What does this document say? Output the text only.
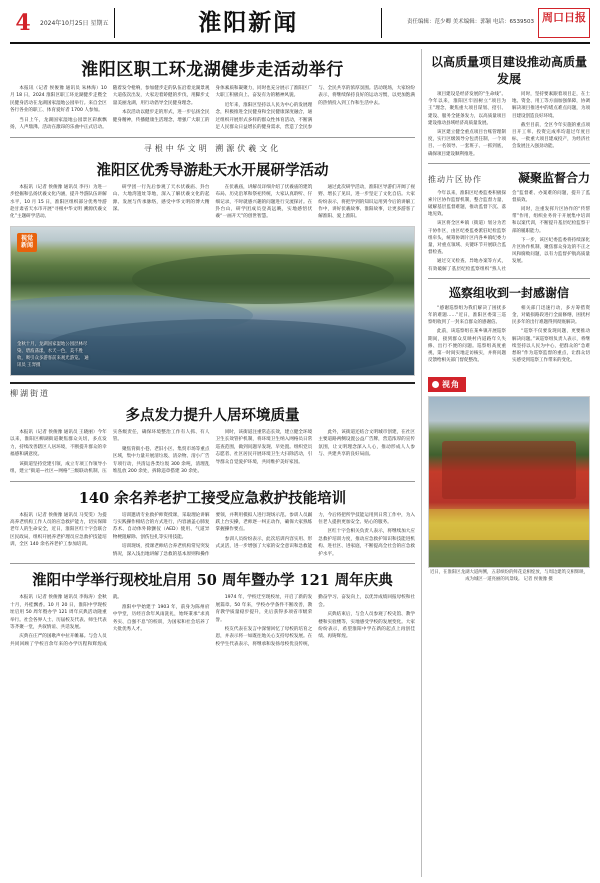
4	2024年10月25日 星期五	淮阳新闻	责任编辑：范少卿 美术编辑：郭颖 电话：6539503 周口日报
淮阳区职工环龙湖健步走活动举行

本报讯（记者 侯俊豫 通讯员 朱林海）10 月 18 日，2024 淮阳区职工环龙湖健步走暨全民健身活动在龙湖国家湿地公园举行。来自全区各行各业的职工、体育爱好者 1700 人参加。

当日上午，龙湖国家湿地公园景区彩旗飘扬，人声鼎沸。活动在激昂的乐曲中正式启动。随着发令枪响，参加健步走的队伍沿着龙湖景观大道依次出发，大家迈着矫健的步伐，用脚步丈量美丽龙湖，用行动倡导全民健身理念。

本次活动以健步走的形式，进一步弘扬全民健身精神，传播健康生活理念，增强广大职工的身体素质和凝聚力，同时也充分展示了淮阳区广大职工积极向上、奋发有为的精神风貌。

近年来，淮阳区坚持以人民为中心的发展理念，积极推进全民健身和全民健康深度融合，通过组织开展形式多样的群众性体育活动，不断满足人民群众日益增长的健身需求，营造了全民参与、全民共享的浓厚氛围。活动现场，大家纷纷表示，将继续保持良好的运动习惯，以更加饱满的热情投入到工作和生活中去。

寻根中华文明 溯源伏羲文化
淮阳区优秀导游赴天水开展研学活动

本报讯（记者 侯俊豫 通讯员 李丹）为进一步挖掘和弘扬伏羲文化内涵，提升导游队伍讲解水平，10 月 15 日，淮阳区组织部分优秀导游赴甘肃省天水市开展“寻根中华文明 溯源伏羲文化”主题研学活动。

研学团一行先后参观了天水伏羲庙、卦台山、大地湾遗址等地，深入了解伏羲文化的起源、发展与传承脉络，感受中华文明的博大精深。

在伏羲庙，讲解员详细介绍了伏羲庙的建筑布局、历史沿革和祭祀传统，大家认真聆听、仔细记录，不时就感兴趣的问题进行交流探讨。在卦台山，研学团成员登高远眺，实地感悟伏羲“一画开天”的创世智慧。

通过此次研学活动，淮阳区导游们开阔了视野、增长了见识，进一步坚定了文化自信。大家纷纷表示，将把学到的知识运用到今后的讲解工作中，讲好伏羲故事、淮阳故事，让更多游客了解淮阳、爱上淮阳。

视觉
新闻
金秋十月，龙湖国家湿地公园层林尽染、碧波荡漾，水天一色，美不胜收，吸引众多游客前来观光游览。 通讯员 王羿摄
柳湖街道
多点发力提升人居环境质量

本报讯（记者 侯俊豫 通讯员 王晓丽）今年以来，淮阳区柳湖街道聚焦群众关切，多点发力，持续改善辖区人居环境，不断提升群众的幸福感和满意度。

该街道坚持党建引领，成立专项工作领导小组，建立“街道—社区—网格”三级联动机制，压实各级责任，确保环境整治工作有人抓、有人管。

聚焦背街小巷、老旧小区、集贸市场等重点区域，集中力量开展清垃圾、清杂物、清小广告专项行动，共清运各类垃圾 300 余吨，清理乱堆乱放 200 余处，拆除违章搭建 30 余处。

同时，该街道注重常态长效，建立健全环境卫生长效管护机制，将环境卫生纳入网格员日常巡查范围，做到问题早发现、早处置。组织党员志愿者、社区居民开展环境卫生大扫除活动，引导群众自觉爱护环境，共同维护美好家园。

此外，该街道还结合文明城市创建，在社区主要道路两侧设置公益广告牌，营造浓厚的宣传氛围，让文明理念深入人心，推动形成人人参与、共建共享的良好局面。

140 余名养老护工接受应急救护技能培训

本报讯（记者 侯俊豫 通讯员 马雯雯）为提高养老机构工作人员的应急救护能力，切实保障老年人的生命安全，近日，淮阳区红十字会联合区民政局，组织开展养老护理员应急救护技能培训，全区 140 余名养老护工参加培训。

培训邀请专业救护师资授课，采取理论讲解与实践操作相结合的方式进行，内容涵盖心肺复苏术、自动体外除颤仪（AED）使用、气道异物梗阻解除、创伤包扎等实用技能。

培训现场，授课老师结合养老机构常见突发情况，深入浅出地讲解了急救的基本原则和操作要领，并利用模拟人进行现场示范。参训人员踊跃上台实操，老师逐一纠正动作，确保大家熟练掌握操作要点。

参训人员纷纷表示，此次培训内容实用、形式灵活，进一步增强了大家的安全意识和急救能力，今后将把所学技能运用到日常工作中，为入住老人提供更加安全、贴心的服务。

区红十字会相关负责人表示，将继续加大应急救护培训力度，推动应急救护知识和技能进机构、进社区、进家庭，不断提高全社会的应急救护水平。

淮阳中学举行现校址启用 50 周年暨办学 121 周年庆典

本报讯（记者 侯俊豫 通讯员 李海涛）金秋十月，丹桂飘香。10 月 20 日，淮阳中学现校址启用 50 周年暨办学 121 周年庆典活动隆重举行。社会各界人士、历届校友代表、师生代表等齐聚一堂，共叙情谊、共话发展。

庆典在庄严的国歌声中拉开帷幕。与会人员共同回顾了学校百余年来的办学历程和辉煌成就。

淮阳中学始建于 1903 年，前身为陈州府中学堂，历经百余年风雨洗礼，始终秉承“求真务实、自强不息”的校训，为国家和社会培养了大批优秀人才。

1974 年，学校迁至现校址，开启了新的发展篇章。50 年来，学校办学条件不断改善，教育教学质量稳步提升，先后获得多项省市级荣誉。

校友代表在发言中深情回忆了母校的培育之恩，并表示将一如既往地关心支持母校发展。在校学生代表表示，将继承和发扬母校优良传统，勤奋学习、奋发向上，以优异成绩回报母校和社会。

庆典结束后，与会人员参观了校史馆、教学楼和实验楼等，实地感受学校的发展变化。大家纷纷表示，希望淮阳中学在新的起点上再创佳绩、再铸辉煌。

以高质量项目建设推动高质量发展

项目建设是经济发展的“生命线”。今年以来，淮阳区牢固树立“项目为王”理念，聚焦重大项目谋划、招引、建设、服务全链条发力，以高质量项目建设推动县域经济高质量发展。

该区建立健全重点项目台账管理制度，实行区级领导分包责任制，一个项目、一名领导、一套班子、一抓到底，确保项目建设顺利推进。

同时，坚持要素跟着项目走，在土地、资金、用工等方面加强保障，协调解决项目推进中的堵点难点问题，为项目建设创造良好环境。

截至目前，全区今年实施的重点项目开工率、投资完成率均超过年度目标，一批重大项目建成投产，为经济社会发展注入强劲动能。

推动片区协作	凝聚监督合力

今年以来，淮阳区纪委监委积极探索片区协作监督机制，整合监督力量，破解基层监督难题，推动监督下沉、落地见效。

该区将全区乡镇（街道）划分为若干协作区，由区纪委监委派驻纪检监察组牵头，统筹协调片区内各乡镇纪委力量，对重点领域、关键环节开展联合监督检查。

通过交叉检查、异地办案等方式，有效破解了基层纪检监察组织“熟人社会”监督难、办案难的问题，提升了监督质效。

同时，注重发挥片区协作的“传帮带”作用，组织业务骨干开展集中培训和以案代训，不断提升基层纪检监察干部的履职能力。

下一步，该区纪委监委将持续深化片区协作机制，聚焦群众身边的不正之风和腐败问题，以有力监督护航高质量发展。

巡察组收到一封感谢信

“感谢巡察组为我们解决了困扰多年的难题……”近日，淮阳区委第三巡察组收到了一封来自群众的感谢信。

此前，该巡察组在某乡镇开展巡察期间，接到群众反映村内道路年久失修、出行不便的问题。巡察组高度重视，第一时间实地走访核实，并将问题反馈给相关部门督促整改。

相关部门迅速行动，多方筹措资金，对破损路段进行全面修缮，困扰村民多年的出行难题得到彻底解决。

“巡察不仅要发现问题，更要推动解决问题。”该巡察组负责人表示，将继续坚持以人民为中心，把群众的“急难愁盼”作为巡察监督的重点，让群众切实感受到巡察工作带来的变化。

视角
近日，在淮阳区龙湖大道两侧，五彩缤纷的鲜花竞相绽放，与周边建筑交相辉映，成为城区一道亮丽的风景线。 记者 侯俊豫 摄
